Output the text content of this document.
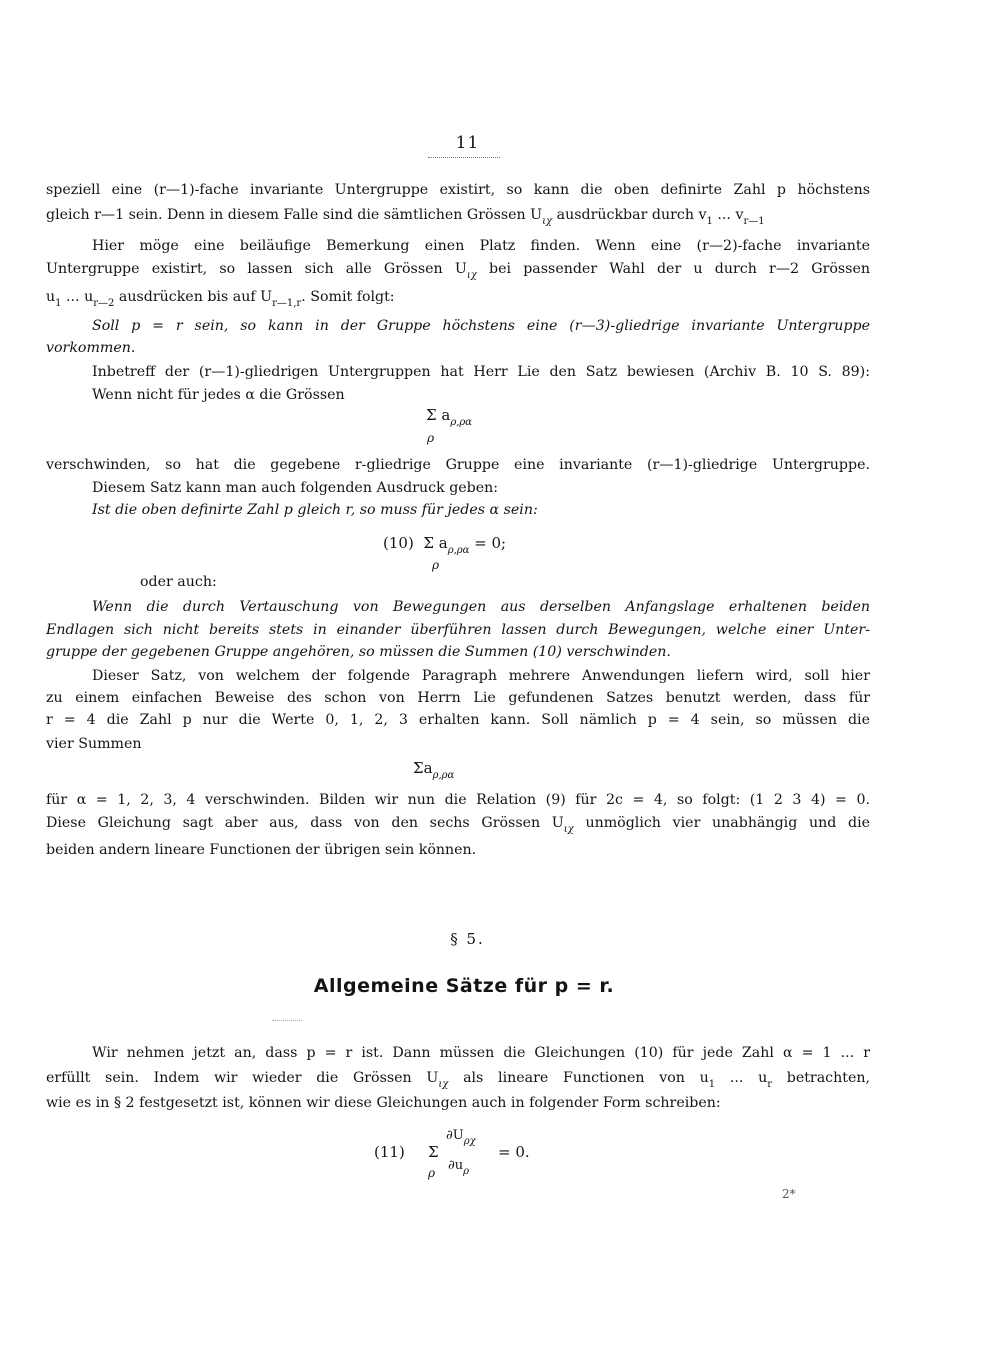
11
speziell eine (r—1)-fache invariante Untergruppe existirt, so kann die oben definirte Zahl p höchstens
gleich r—1 sein. Denn in diesem Falle sind die sämtlichen Grössen $U_{\iota\chi}$ ausdrückbar durch $v_1$ ... $v_{r—1}$
Hier möge eine beiläufige Bemerkung einen Platz finden. Wenn eine (r—2)-fache invariante
Untergruppe existirt, so lassen sich alle Grössen $U_{\iota\chi}$ bei passender Wahl der u durch r—2 Grössen
$u_1$ ... $u_{r—2}$ ausdrücken bis auf $U_{r—1,r}$. Somit folgt:
Soll p = r sein, so kann in der Gruppe höchstens eine (r—3)-gliedrige invariante Untergruppe
vorkommen.
Inbetreff der (r—1)-gliedrigen Untergruppen hat Herr Lie den Satz bewiesen (Archiv B. 10 S. 89):
Wenn nicht für jedes α die Grössen
Σ $a_{\rho,\rho\alpha}$
ρ
verschwinden, so hat die gegebene r-gliedrige Gruppe eine invariante (r—1)-gliedrige Untergruppe.
Diesem Satz kann man auch folgenden Ausdruck geben:
Ist die oben definirte Zahl p gleich r, so muss für jedes α sein:
(10) Σ $a_{\rho,\rho\alpha} = 0$;
ρ
oder auch:
Wenn die durch Vertauschung von Bewegungen aus derselben Anfangslage erhaltenen beiden
Endlagen sich nicht bereits stets in einander überführen lassen durch Bewegungen, welche einer Unter-
gruppe der gegebenen Gruppe angehören, so müssen die Summen (10) verschwinden.
Dieser Satz, von welchem der folgende Paragraph mehrere Anwendungen liefern wird, soll hier
zu einem einfachen Beweise des schon von Herrn Lie gefundenen Satzes benutzt werden, dass für
r = 4 die Zahl p nur die Werte 0, 1, 2, 3 erhalten kann. Soll nämlich p = 4 sein, so müssen die
vier Summen
$\Sigma a_{\rho,\rho\alpha}$
für α = 1, 2, 3, 4 verschwinden. Bilden wir nun die Relation (9) für 2c = 4, so folgt: (1 2 3 4) = 0.
Diese Gleichung sagt aber aus, dass von den sechs Grössen $U_{\iota\chi}$ unmöglich vier unabhängig und die
beiden andern lineare Functionen der übrigen sein können.
§ 5.
Allgemeine Sätze für p = r.
Wir nehmen jetzt an, dass p = r ist. Dann müssen die Gleichungen (10) für jede Zahl α = 1 ... r
erfüllt sein. Indem wir wieder die Grössen $U_{\iota\chi}$ als lineare Functionen von $u_1$ ... $u_r$ betrachten,
wie es in § 2 festgesetzt ist, können wir diese Gleichungen auch in folgender Form schreiben:
(11) Σ
ρ
$\partial U_{\rho\chi}$
$\partial u_\rho$
= 0.
2*
